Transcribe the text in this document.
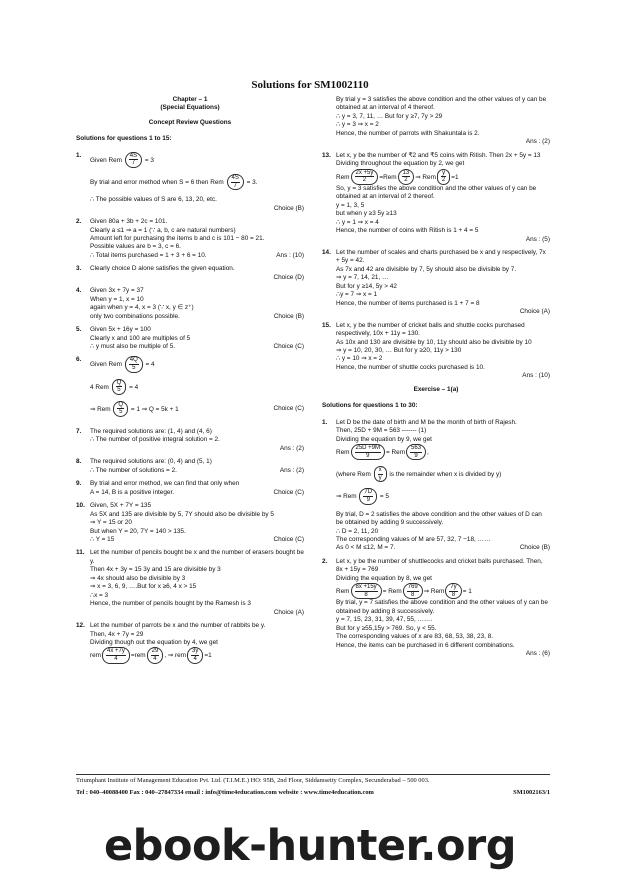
Solutions for SM1002110
Chapter – 1
(Special Equations)
Concept Review Questions
Solutions for questions 1 to 15:
1.
Given Rem $\frac{4S}{7} = 3$
By trial and error method when S = 6 then Rem $\frac{4S}{7} = 3$.
∴ The possible values of S are 6, 13, 20, etc.
Choice (B)
2. Given 80a + 3b + 2c = 101.
Clearly a ≤1 ⇒ a = 1 (∵ a, b, c are natural numbers)
Amount left for purchasing the items b and c is 101 − 80 = 21.
Possible values are b = 3, c = 6.
∴ Total items purchased = 1 + 3 + 6 = 10.	Ans : (10)
3. Clearly choice D alone satisfies the given equation.
Choice (D)
4. Given 3x + 7y = 37
When y = 1, x = 10
again when y = 4, x = 3 (∵ x, y ∈ z⁺)
only two combinations possible.	Choice (B)
5. Given 5x + 16y = 100
Clearly x and 100 are multiples of 5
∴ y must also be multiple of 5.	Choice (C)
6.
Given Rem $\frac{4Q}{5} = 4$
4 Rem $\frac{Q}{5} = 4$
⇒ Rem $\frac{Q}{5} = 1$ ⇒ Q = 5k + 1	Choice (C)
7. The required solutions are: (1, 4) and (4, 6)
∴ The number of positive integral solution = 2.
Ans : (2)
8. The required solutions are: (0, 4) and (5, 1)
∴ The number of solutions = 2.	Ans : (2)
9. By trial and error method, we can find that only when
A = 14, B is a positive integer.	Choice (C)
10. Given, 5X + 7Y = 135
As 5X and 135 are divisible by 5, 7Y should also be divisible by 5
⇒ Y = 15 or 20
But when Y = 20, 7Y = 140 > 135.
∴ Y = 15	Choice (C)
11. Let the number of pencils bought be x and the number of erasers bought be y.
Then 4x + 3y = 15 3y and 15 are divisible by 3
⇒ 4x should also be divisible by 3
⇒ x = 3, 6, 9, ….But for x ≥6, 4 x > 15
∴x = 3
Hence, the number of pencils bought by the Ramesh is 3
Choice (A)
12. Let the number of parrots be x and the number of rabbits be y.
Then, 4x + 7y = 29
Dividing though out the equation by 4, we get
rem $\frac{4x +7y}{4} =rem \frac{29}{4}$ , ⇒ rem $\frac{3y}{4} =1$
By trial y = 3 satisfies the above condition and the other values of y can be obtained at an interval of 4 thereof.
∴ y = 3, 7, 11, … But for y ≥7, 7y > 29
∴ y = 3 ⇒ x = 2
Hence, the number of parrots with Shakuntala is 2.
Ans : (2)
13. Let x, y be the number of ₹2 and ₹5 coins with Ritish. Then 2x + 5y = 13
Dividing throughout the equation by 2, we get
Rem $\frac{2x +5y}{2} =Rem \frac{13}{2}$ ⇒ Rem $\frac{y}{2} =1$
So, y = 3 satisfies the above condition and the other values of y can be obtained at an interval of 2 thereof.
y = 1, 3, 5
but when y ≥3 5y ≥13
∴ y = 1 ⇒ x = 4
Hence, the number of coins with Ritish is 1 + 4 = 5
Ans : (5)
14. Let the number of scales and charts purchased be x and y respectively, 7x + 5y = 42.
As 7x and 42 are divisible by 7, 5y should also be divisible by 7.
⇒ y = 7, 14, 21, …
But for y ≥14, 5y > 42
∴y = 7 ⇒ x = 1
Hence, the number of items purchased is 1 + 7 = 8
Choice (A)
15. Let x, y be the number of cricket balls and shuttle cocks purchased respectively, 10x + 11y = 130.
As 10x and 130 are divisible by 10, 11y should also be divisible by 10
⇒ y = 10, 20, 30, … But for y ≥20, 11y > 130
∴ y = 10 ⇒ x = 2
Hence, the number of shuttle cocks purchased is 10.
Ans : (10)
Exercise – 1(a)
Solutions for questions 1 to 30:
1. Let D be the date of birth and M be the month of birth of Rajesh.
Then, 25D + 9M = 563 ------- (1)
Dividing the equation by 9, we get
Rem $\frac{25D +9M}{9}$ = Rem $\frac{563}{9}$ ,
(where Rem $\frac{x}{y}$ is the remainder when x is divided by y)
⇒ Rem $\frac{7D}{9} = 5$
By trial, D = 2 satisfies the above condition and the other values of D can be obtained by adding 9 successively.
∴ D = 2, 11, 20
The corresponding values of M are 57, 32, 7 −18, ……
As 0 < M ≤12, M = 7.	Choice (B)
2. Let x, y be the number of shuttlecocks and cricket balls purchased. Then, 8x + 15y = 769
Dividing the equation by 8, we get
Rem $\frac{8x +15y}{8}$ = Rem $\frac{769}{8}$ ⇒ Rem $\frac{7y}{8} = 1$
By trial, y = 7 satisfies the above condition and the other values of y can be obtained by adding 8 successively.
y = 7, 15, 23, 31, 39, 47, 55, …….
But for y ≥55,15y > 769. So, y < 55.
The corresponding values of x are 83, 68, 53, 38, 23, 8.
Hence, the items can be purchased in 6 different combinations.
Ans : (6)
Triumphant Institute of Management Education Pvt. Ltd. (T.I.M.E.) HO: 95B, 2nd Floor, Siddamsetty Complex, Secunderabad – 500 003.
Tel : 040–40088400 Fax : 040–27847334 email : info@time4education.com website : www.time4education.com	SM1002163/1
ebook-hunter.org
